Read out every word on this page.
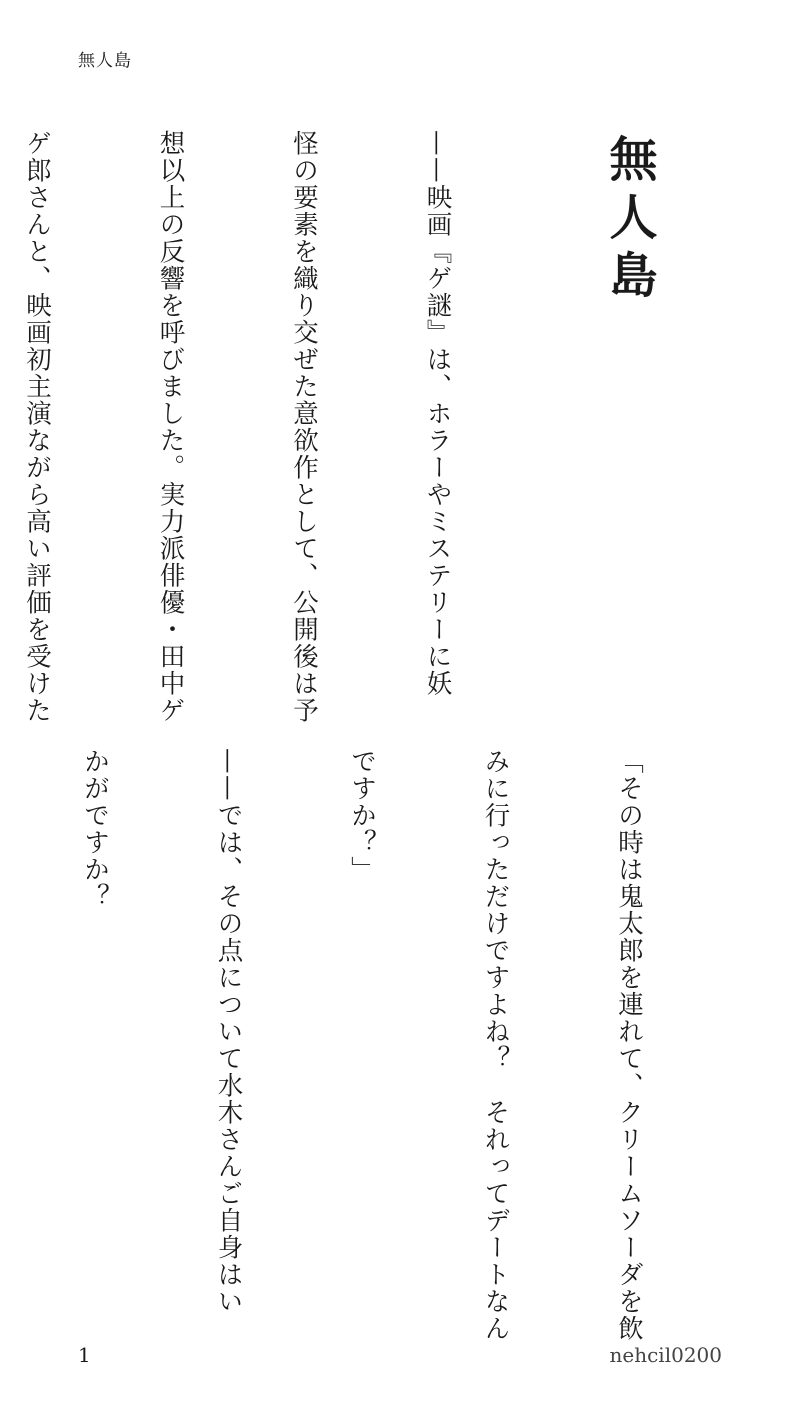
無人島

無人島

——映画『ゲ謎』は、ホラーやミステリーに妖

怪の要素を織り交ぜた意欲作として、公開後は予

想以上の反響を呼びました。実力派俳優・田中ゲ

ゲ郎さんと、映画初主演ながら高い評価を受けた

「その時は鬼太郎を連れて、クリームソーダを飲

みに行っただけですよね？　それってデートなん

ですか？」

——では、その点について水木さんご自身はい

かがですか？

1	nehcil0200
